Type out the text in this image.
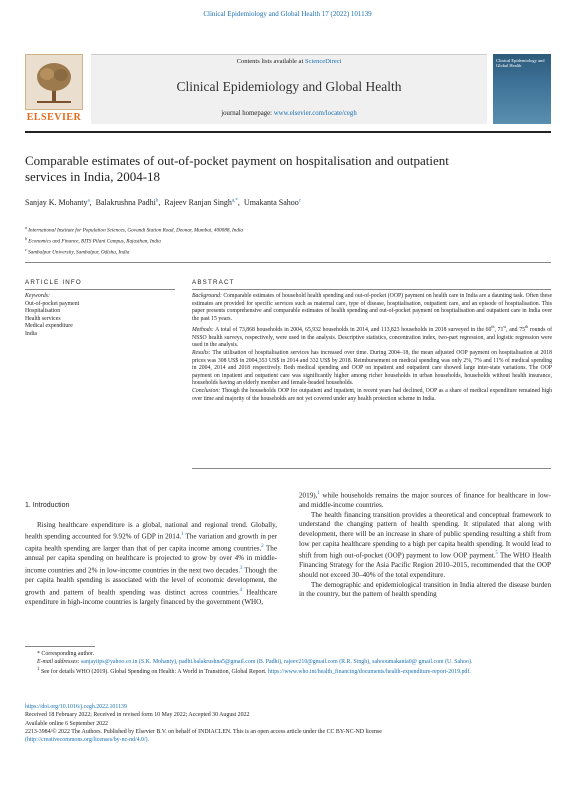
Clinical Epidemiology and Global Health 17 (2022) 101139
ELSEVIER
Contents lists available at ScienceDirect
Clinical Epidemiology and Global Health
journal homepage: www.elsevier.com/locate/cegh
Clinical Epidemiology and Global Health
Comparable estimates of out-of-pocket payment on hospitalisation and outpatient services in India, 2004-18
Sanjay K. Mohanty$^a$,  Balakrushna Padhi$^b$,  Rajeev Ranjan Singh$^{a,*}$,  Umakanta Sahoo$^c$
$^a$ International Institute for Population Sciences, Govandi Station Road, Deonar, Mumbai, 400088, India
$^b$ Economics and Finance, BITS Pilani Campus, Rajasthan, India
$^c$ Sambalpur University, Sambalpur, Odisha, India
ARTICLE INFO	ABSTRACT
Keywords:
Out-of-pocket payment
Hospitalisation
Health services
Medical expenditure
India
Background: Comparable estimates of household health spending and out-of-pocket (OOP) payment on health care in India are a daunting task. Often these estimates are provided for specific services such as maternal care, type of disease, hospitalisation, outpatient care, and an episode of hospitalisation. This paper presents comprehensive and comparable estimates of health spending and out-of-pocket payment on hospitalisation and outpatient care in India over the past 15 years.
Methods: A total of 73,868 households in 2004, 65,932 households in 2014, and 113,823 households in 2018 surveyed in the 60th, 71st, and 75th rounds of NSSO health surveys, respectively, were used in the analysis. Descriptive statistics, concentration index, two-part regression, and logistic regression were used in the analysis.
Results: The utilisation of hospitalisation services has increased over time. During 2004–18, the mean adjusted OOP payment on hospitalisation at 2018 prices was 308 US$ in 2004,353 US$ in 2014 and 332 US$ by 2018. Reimbursement on medical spending was only 2%, 7% and 11% of medical spending in 2004, 2014 and 2018 respectively. Both medical spending and OOP on inpatient and outpatient care showed large inter-state variations. The OOP payment on inpatient and outpatient care was significantly higher among richer households in urban households, households without health insurance, households having an elderly member and female-headed households.
Conclusion: Though the households OOP for outpatient and inpatient, in recent years had declined, OOP as a share of medical expenditure remained high over time and majority of the households are not yet covered under any health protection scheme in India.
1. Introduction

Rising healthcare expenditure is a global, national and regional trend. Globally, health spending accounted for 9.92% of GDP in 2014.$^1$ The variation and growth in per capita health spending are larger than that of per capita income among countries.$^2$ The annual per capita spending on healthcare is projected to grow by over 4% in middle-income countries and 2% in low-income countries in the next two decades.$^3$ Though the per capita health spending is associated with the level of economic development, the growth and pattern of health spending was distinct across countries.$^4$ Healthcare expenditure in high-income countries is largely financed by the government (WHO,

2019),$^1$ while households remains the major sources of finance for healthcare in low- and middle-income countries.

The health financing transition provides a theoretical and conceptual framework to understand the changing pattern of health spending. It stipulated that along with development, there will be an increase in share of public spending resulting a shift from low per capita healthcare spending to a high per capita health spending. It would lead to shift from high out-of-pocket (OOP) payment to low OOP payment.$^5$ The WHO Health Financing Strategy for the Asia Pacific Region 2010–2015, recommended that the OOP should not exceed 30–40% of the total expenditure.

The demographic and epidemiological transition in India altered the disease burden in the country, but the pattern of health spending

* Corresponding author.
E-mail addresses: sanjayiips@yahoo.co.in (S.K. Mohanty), padhi.balakrushna5@gmail.com (B. Padhi), rajeev210@gmail.com (R.R. Singh), sahooumakanta0@ gmail.com (U. Sahoo).
$^1$ See for details WHO (2019). Global Spending on Health: A World in Transition, Global Report. https://www.who.int/health_financing/documents/health-expenditure-report-2019.pdf.
https://doi.org/10.1016/j.cegh.2022.101139
Received 18 February 2022; Received in revised form 10 May 2022; Accepted 30 August 2022
Available online 6 September 2022
2213-3984/© 2022 The Authors. Published by Elsevier B.V. on behalf of INDIACLEN. This is an open access article under the CC BY-NC-ND license
(http://creativecommons.org/licenses/by-nc-nd/4.0/).
